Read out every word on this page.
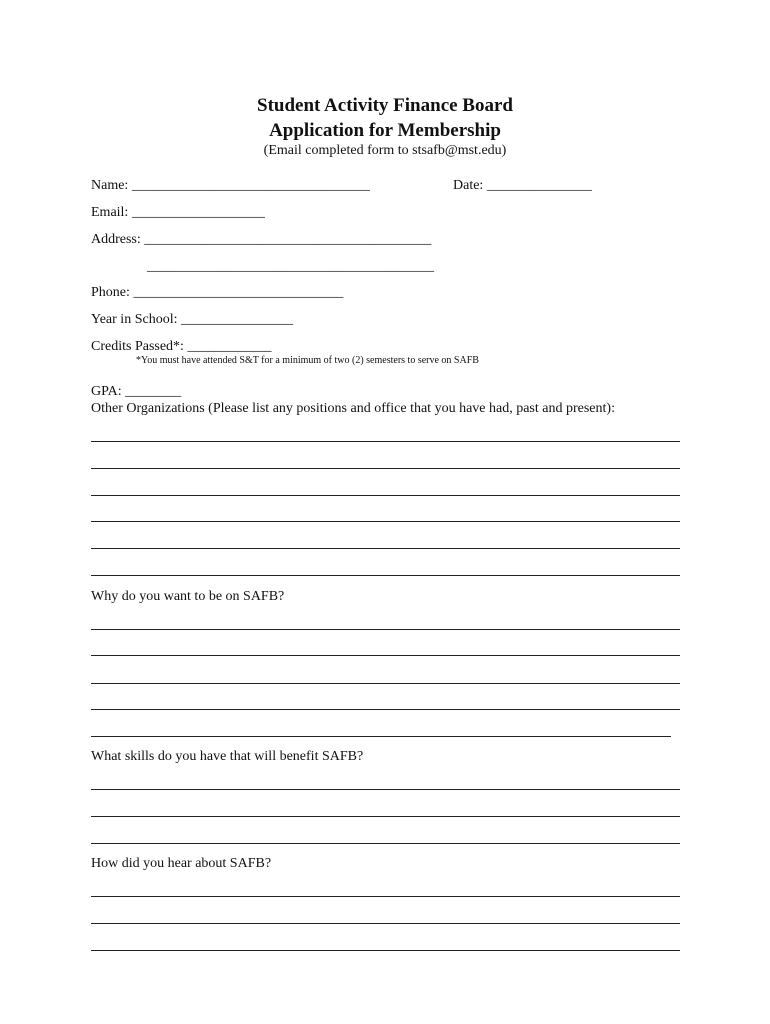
Student Activity Finance Board
Application for Membership
(Email completed form to stsafb@mst.edu)
Name: __________________________________	Date: _______________
Email: ___________________
Address: _________________________________________
_________________________________________
Phone: ______________________________
Year in School: ________________
Credits Passed*: ____________
*You must have attended S&T for a minimum of two (2) semesters to serve on SAFB
GPA: ________
Other Organizations (Please list any positions and office that you have had, past and present):
Why do you want to be on SAFB?
What skills do you have that will benefit SAFB?
How did you hear about SAFB?
